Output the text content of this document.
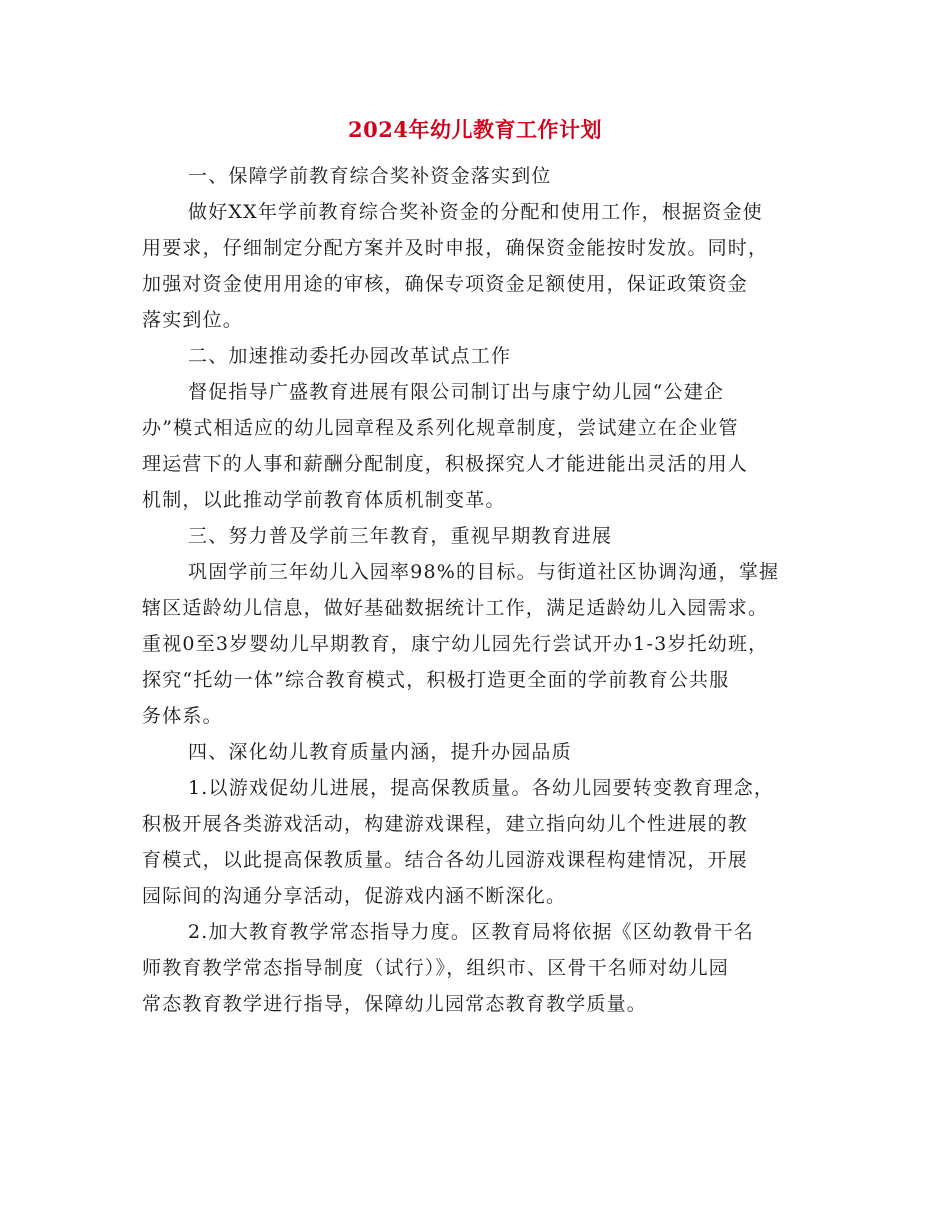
2024年幼儿教育工作计划
一、保障学前教育综合奖补资金落实到位
做好XX年学前教育综合奖补资金的分配和使用工作，根据资金使
用要求，仔细制定分配方案并及时申报，确保资金能按时发放。同时，
加强对资金使用用途的审核，确保专项资金足额使用，保证政策资金
落实到位。
二、加速推动委托办园改革试点工作
督促指导广盛教育进展有限公司制订出与康宁幼儿园“公建企
办”模式相适应的幼儿园章程及系列化规章制度，尝试建立在企业管
理运营下的人事和薪酬分配制度，积极探究人才能进能出灵活的用人
机制，以此推动学前教育体质机制变革。
三、努力普及学前三年教育，重视早期教育进展
巩固学前三年幼儿入园率98%的目标。与街道社区协调沟通，掌握
辖区适龄幼儿信息，做好基础数据统计工作，满足适龄幼儿入园需求。
重视0至3岁婴幼儿早期教育，康宁幼儿园先行尝试开办1-3岁托幼班，
探究“托幼一体”综合教育模式，积极打造更全面的学前教育公共服
务体系。
四、深化幼儿教育质量内涵，提升办园品质
1.以游戏促幼儿进展，提高保教质量。各幼儿园要转变教育理念，
积极开展各类游戏活动，构建游戏课程，建立指向幼儿个性进展的教
育模式，以此提高保教质量。结合各幼儿园游戏课程构建情况，开展
园际间的沟通分享活动，促游戏内涵不断深化。
2.加大教育教学常态指导力度。区教育局将依据《区幼教骨干名
师教育教学常态指导制度（试行）》，组织市、区骨干名师对幼儿园
常态教育教学进行指导，保障幼儿园常态教育教学质量。
